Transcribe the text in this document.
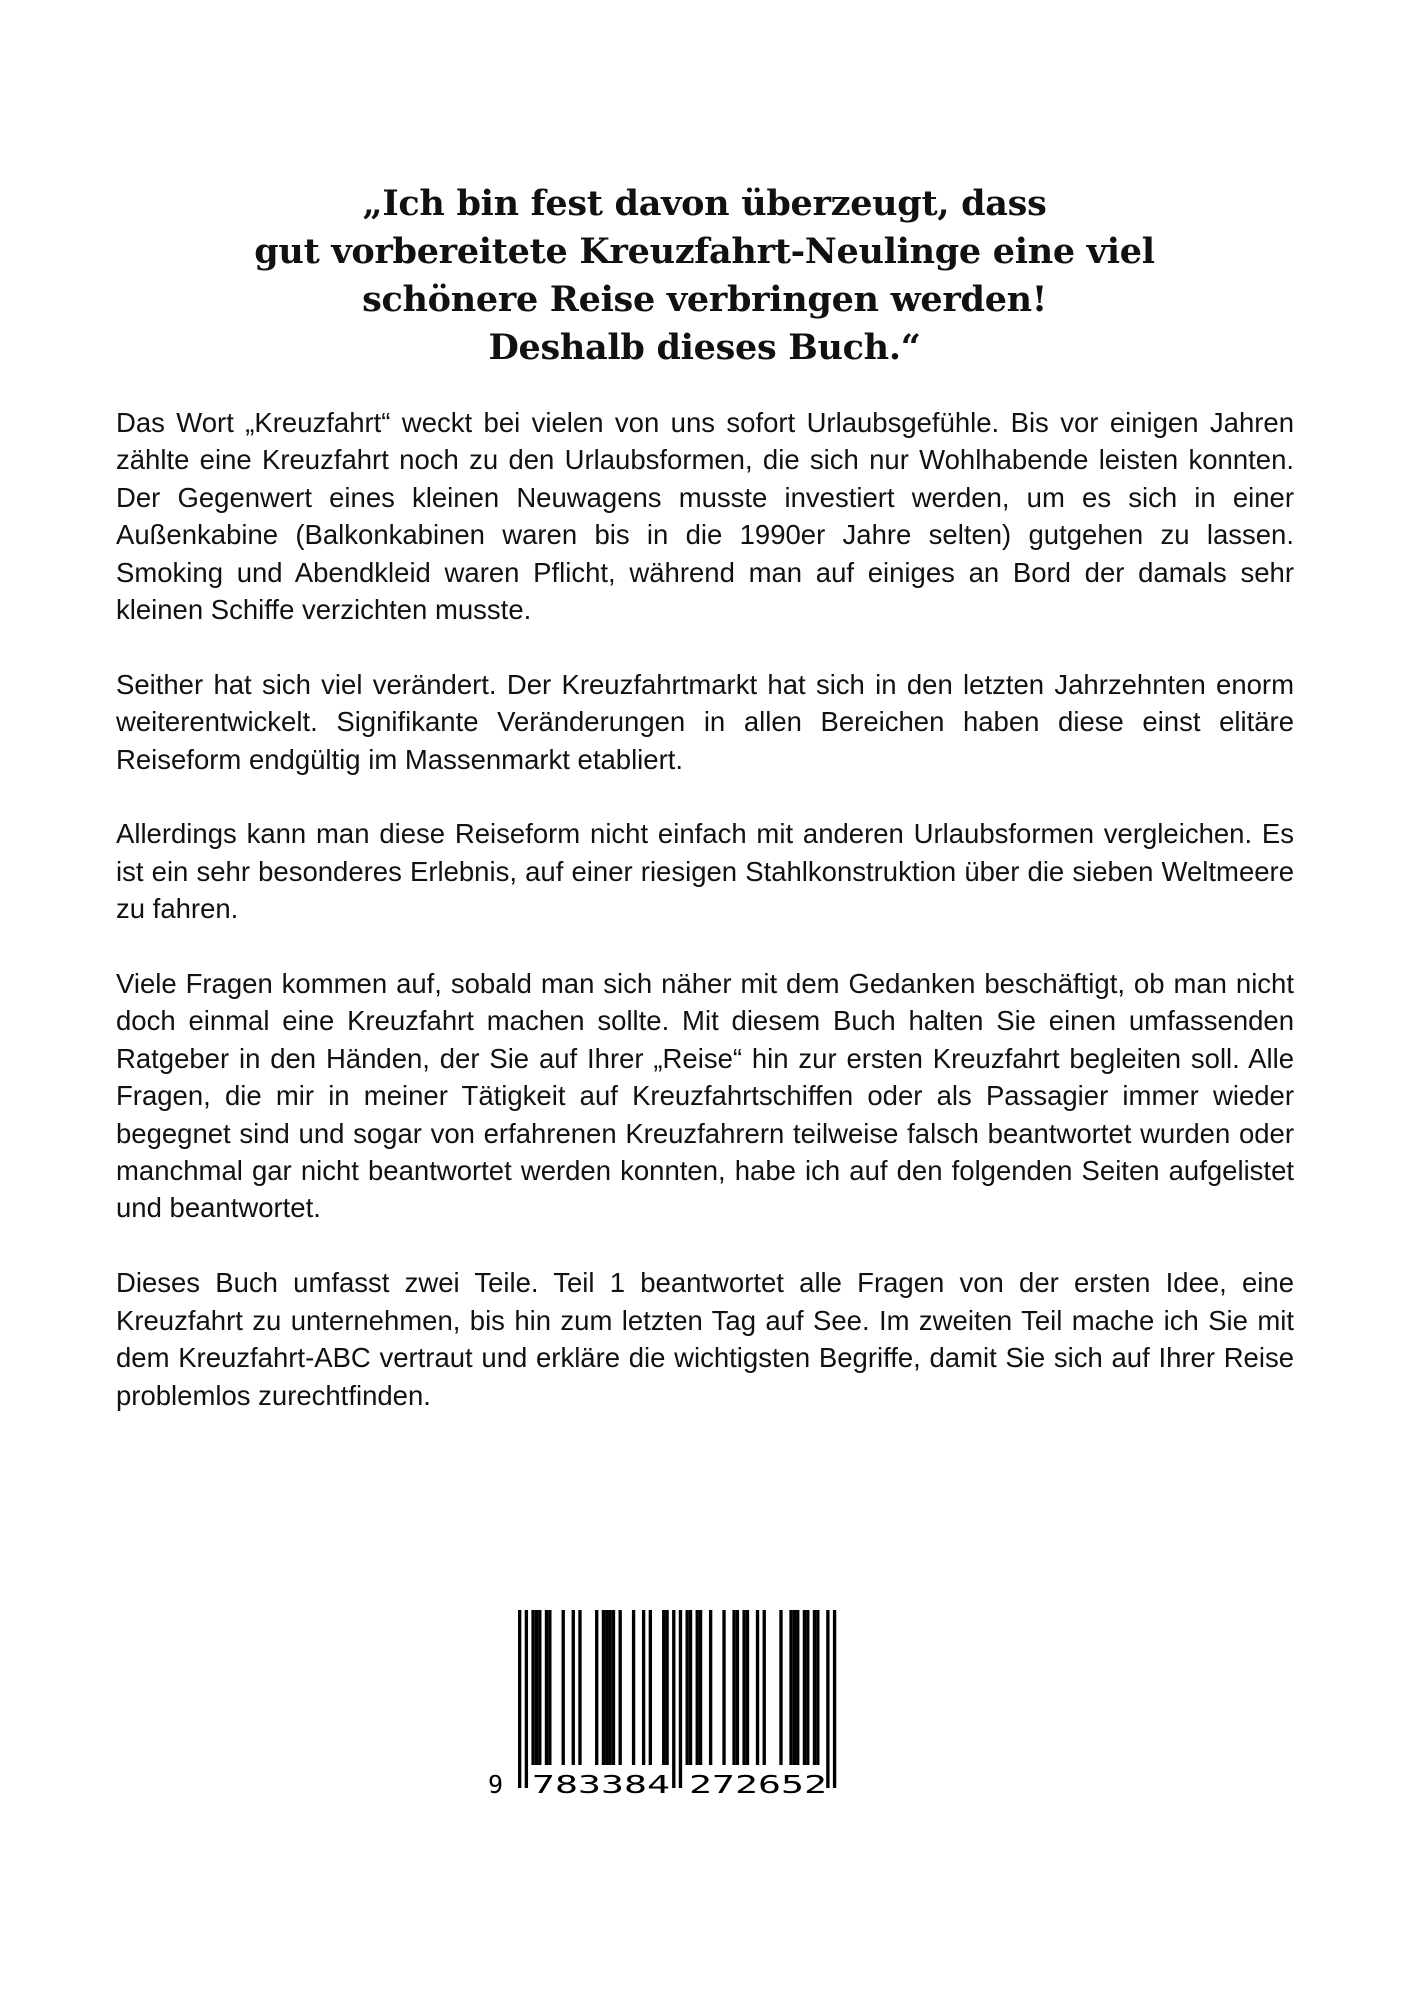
„Ich bin fest davon überzeugt, dass
gut vorbereitete Kreuzfahrt-Neulinge eine viel
schönere Reise verbringen werden!
Deshalb dieses Buch.“

Das Wort „Kreuzfahrt“ weckt bei vielen von uns sofort Urlaubsgefühle. Bis vor einigen Jahren zählte eine Kreuzfahrt noch zu den Urlaubsformen, die sich nur Wohlhabende leisten konnten. Der Gegenwert eines kleinen Neuwagens musste investiert werden, um es sich in einer Außenkabine (Balkonkabinen waren bis in die 1990er Jahre selten) gutgehen zu lassen. Smoking und Abendkleid waren Pflicht, während man auf einiges an Bord der damals sehr kleinen Schiffe verzichten musste.

Seither hat sich viel verändert. Der Kreuzfahrtmarkt hat sich in den letzten Jahrzehnten enorm weiterentwickelt. Signifikante Veränderungen in allen Bereichen haben diese einst elitäre Reiseform endgültig im Massenmarkt etabliert.

Allerdings kann man diese Reiseform nicht einfach mit anderen Urlaubsformen vergleichen. Es ist ein sehr besonderes Erlebnis, auf einer riesigen Stahlkonstruktion über die sieben Weltmeere zu fahren.

Viele Fragen kommen auf, sobald man sich näher mit dem Gedanken beschäftigt, ob man nicht doch einmal eine Kreuzfahrt machen sollte. Mit diesem Buch halten Sie einen umfassenden Ratgeber in den Händen, der Sie auf Ihrer „Reise“ hin zur ersten Kreuzfahrt begleiten soll. Alle Fragen, die mir in meiner Tätigkeit auf Kreuzfahrtschiffen oder als Passagier immer wieder begegnet sind und sogar von erfahrenen Kreuzfahrern teilweise falsch beantwortet wurden oder manchmal gar nicht beantwortet werden konnten, habe ich auf den folgenden Seiten aufgelistet und beantwortet.

Dieses Buch umfasst zwei Teile. Teil 1 beantwortet alle Fragen von der ersten Idee, eine Kreuzfahrt zu unternehmen, bis hin zum letzten Tag auf See. Im zweiten Teil mache ich Sie mit dem Kreuzfahrt-ABC vertraut und erkläre die wichtigsten Begriffe, damit Sie sich auf Ihrer Reise problemlos zurechtfinden.

9 783384 272652
